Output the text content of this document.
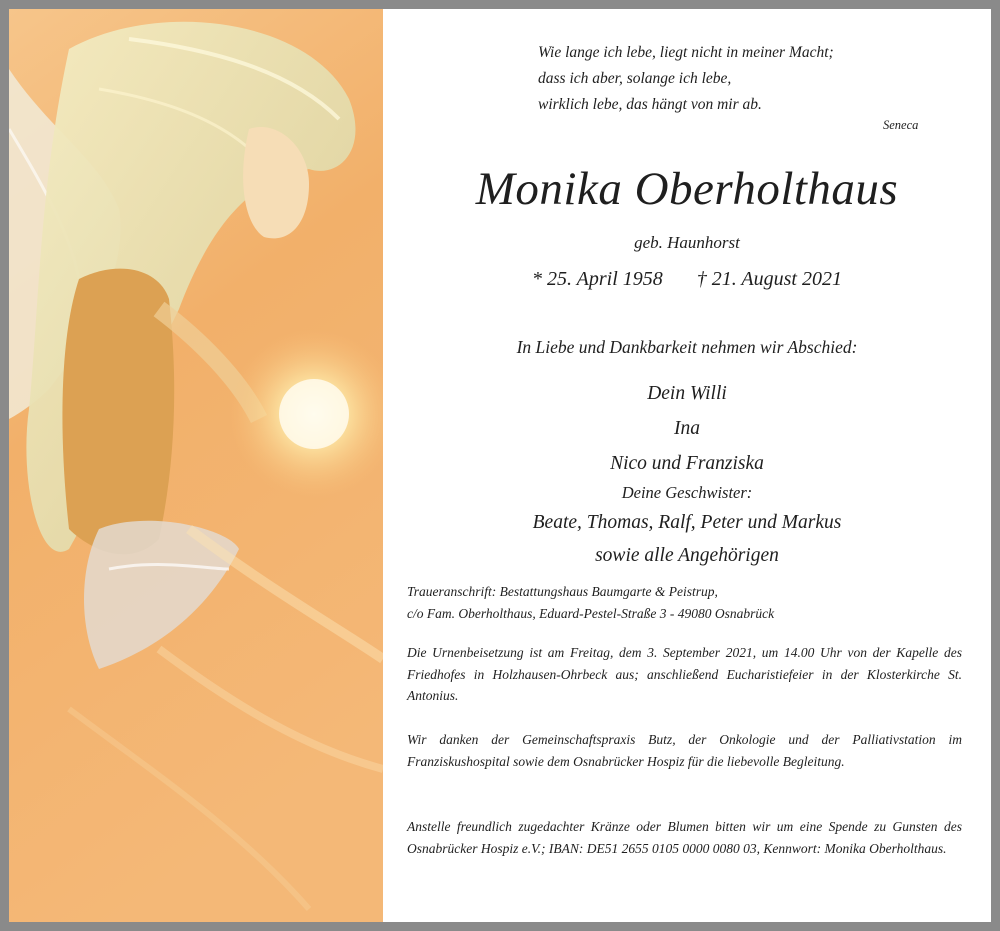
Wie lange ich lebe, liegt nicht in meiner Macht;
dass ich aber, solange ich lebe,
wirklich lebe, das hängt von mir ab.
Seneca
Monika Oberholthaus
geb. Haunhorst
* 25. April 1958 † 21. August 2021
In Liebe und Dankbarkeit nehmen wir Abschied:
Dein Willi
Ina
Nico und Franziska
Deine Geschwister:
Beate, Thomas, Ralf, Peter und Markus
sowie alle Angehörigen
Traueranschrift: Bestattungshaus Baumgarte & Peistrup,
c/o Fam. Oberholthaus, Eduard-Pestel-Straße 3 - 49080 Osnabrück
Die Urnenbeisetzung ist am Freitag, dem 3. September 2021, um 14.00 Uhr von der Kapelle des Friedhofes in Holzhausen-Ohrbeck aus; anschließend Eucharistiefeier in der Klosterkirche St. Antonius.
Wir danken der Gemeinschaftspraxis Butz, der Onkologie und der Palliativstation im Franziskushospital sowie dem Osnabrücker Hospiz für die liebevolle Begleitung.
Anstelle freundlich zugedachter Kränze oder Blumen bitten wir um eine Spende zu Gunsten des Osnabrücker Hospiz e.V.; IBAN: DE51 2655 0105 0000 0080 03, Kennwort: Monika Oberholthaus.
